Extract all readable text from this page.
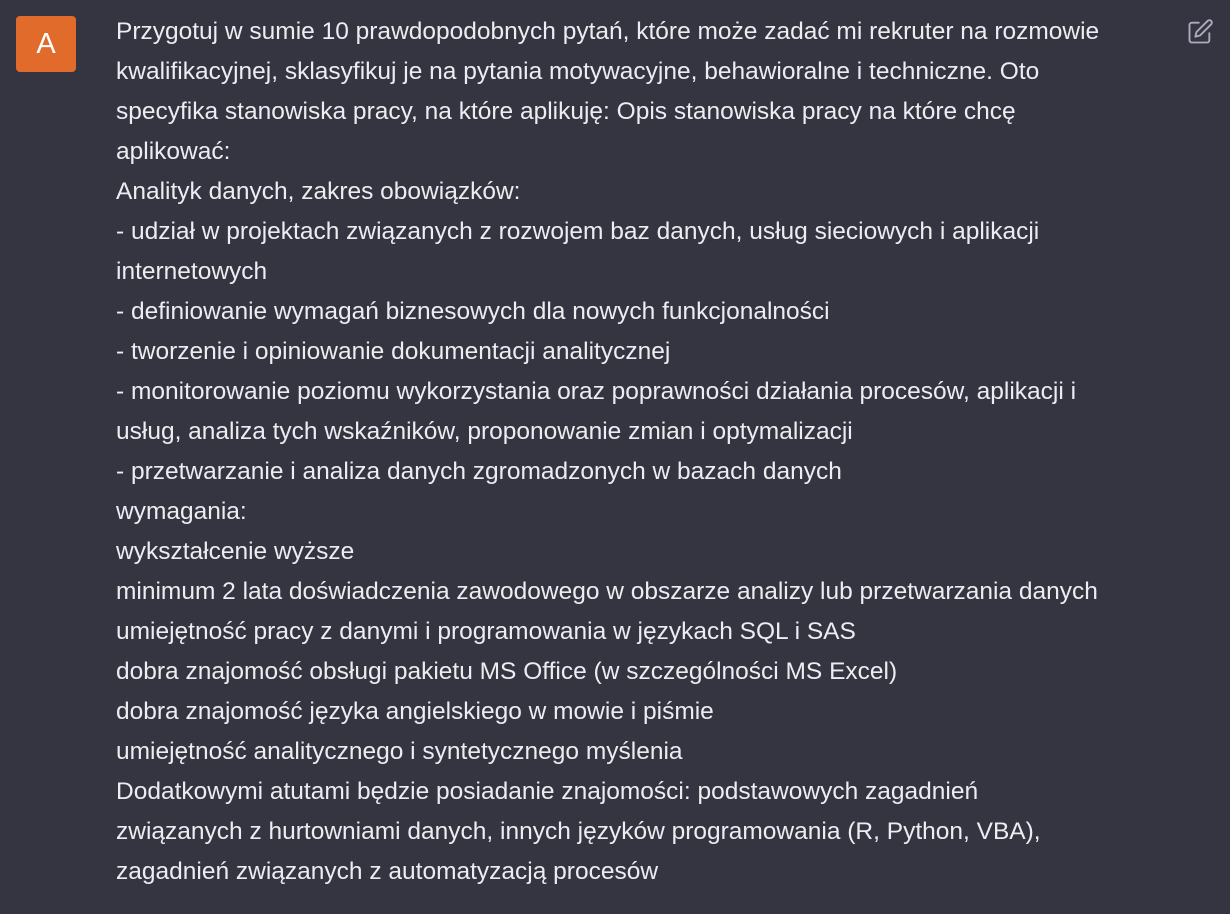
A	Przygotuj w sumie 10 prawdopodobnych pytań, które może zadać mi rekruter na rozmowie
kwalifikacyjnej, sklasyfikuj je na pytania motywacyjne, behawioralne i techniczne. Oto
specyfika stanowiska pracy, na które aplikuję: Opis stanowiska pracy na które chcę
aplikować:
Analityk danych, zakres obowiązków:
- udział w projektach związanych z rozwojem baz danych, usług sieciowych i aplikacji
internetowych
- definiowanie wymagań biznesowych dla nowych funkcjonalności
- tworzenie i opiniowanie dokumentacji analitycznej
- monitorowanie poziomu wykorzystania oraz poprawności działania procesów, aplikacji i
usług, analiza tych wskaźników, proponowanie zmian i optymalizacji
- przetwarzanie i analiza danych zgromadzonych w bazach danych
wymagania:
wykształcenie wyższe
minimum 2 lata doświadczenia zawodowego w obszarze analizy lub przetwarzania danych
umiejętność pracy z danymi i programowania w językach SQL i SAS
dobra znajomość obsługi pakietu MS Office (w szczególności MS Excel)
dobra znajomość języka angielskiego w mowie i piśmie
umiejętność analitycznego i syntetycznego myślenia
Dodatkowymi atutami będzie posiadanie znajomości: podstawowych zagadnień
związanych z hurtowniami danych, innych języków programowania (R, Python, VBA),
zagadnień związanych z automatyzacją procesów
